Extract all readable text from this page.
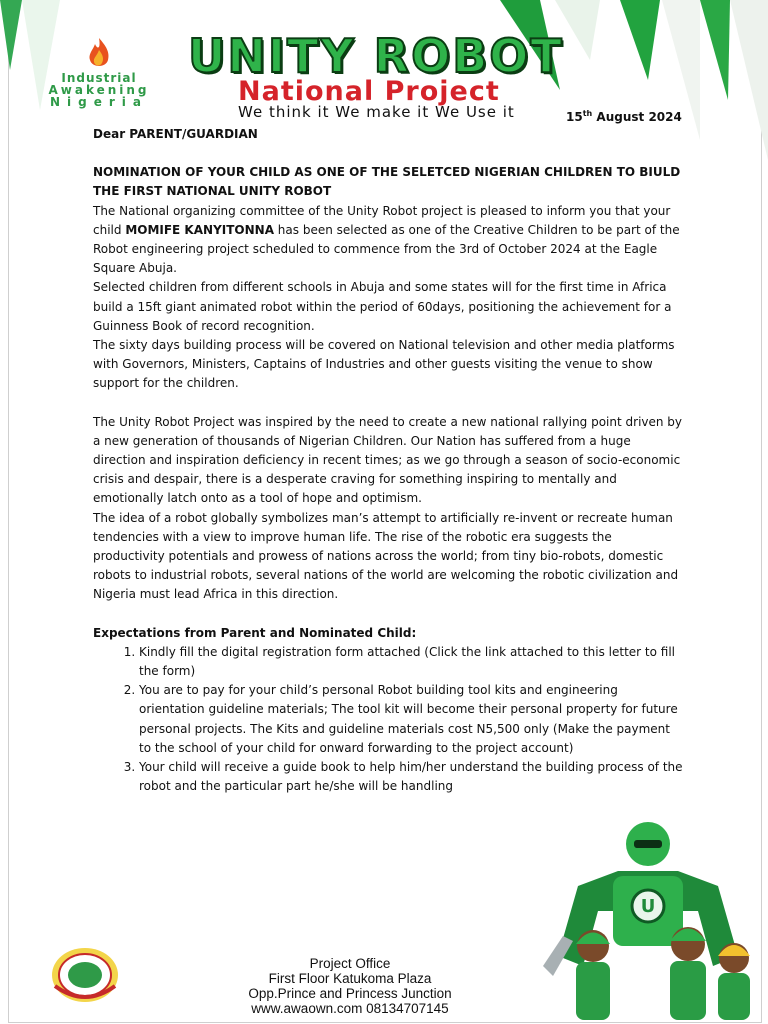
Industrial
Awakening
Nigeria
UNITY ROBOT
National Project
We think it We make it We Use it	15th August 2024

Dear PARENT/GUARDIAN

NOMINATION OF YOUR CHILD AS ONE OF THE SELETCED NIGERIAN CHILDREN TO BIULD THE FIRST NATIONAL UNITY ROBOT

The National organizing committee of the Unity Robot project is pleased to inform you that your child MOMIFE KANYITONNA has been selected as one of the Creative Children to be part of the Robot engineering project scheduled to commence from the 3rd of October 2024 at the Eagle Square Abuja.

Selected children from different schools in Abuja and some states will for the first time in Africa build a 15ft giant animated robot within the period of 60days, positioning the achievement for a Guinness Book of record recognition.

The sixty days building process will be covered on National television and other media platforms with Governors, Ministers, Captains of Industries and other guests visiting the venue to show support for the children.

The Unity Robot Project was inspired by the need to create a new national rallying point driven by a new generation of thousands of Nigerian Children. Our Nation has suffered from a huge direction and inspiration deficiency in recent times; as we go through a season of socio-economic crisis and despair, there is a desperate craving for something inspiring to mentally and emotionally latch onto as a tool of hope and optimism.

The idea of a robot globally symbolizes man’s attempt to artificially re-invent or recreate human tendencies with a view to improve human life. The rise of the robotic era suggests the productivity potentials and prowess of nations across the world; from tiny bio-robots, domestic robots to industrial robots, several nations of the world are welcoming the robotic civilization and Nigeria must lead Africa in this direction.

Expectations from Parent and Nominated Child:

1. Kindly fill the digital registration form attached (Click the link attached to this letter to fill the form)
2. You are to pay for your child’s personal Robot building tool kits and engineering orientation guideline materials; The tool kit will become their personal property for future personal projects. The Kits and guideline materials cost N5,500 only (Make the payment to the school of your child for onward forwarding to the project account)
3. Your child will receive a guide book to help him/her understand the building process of the robot and the particular part he/she will be handling
Project Office
First Floor Katukoma Plaza
Opp.Prince and Princess Junction
www.awaown.com 08134707145
U
